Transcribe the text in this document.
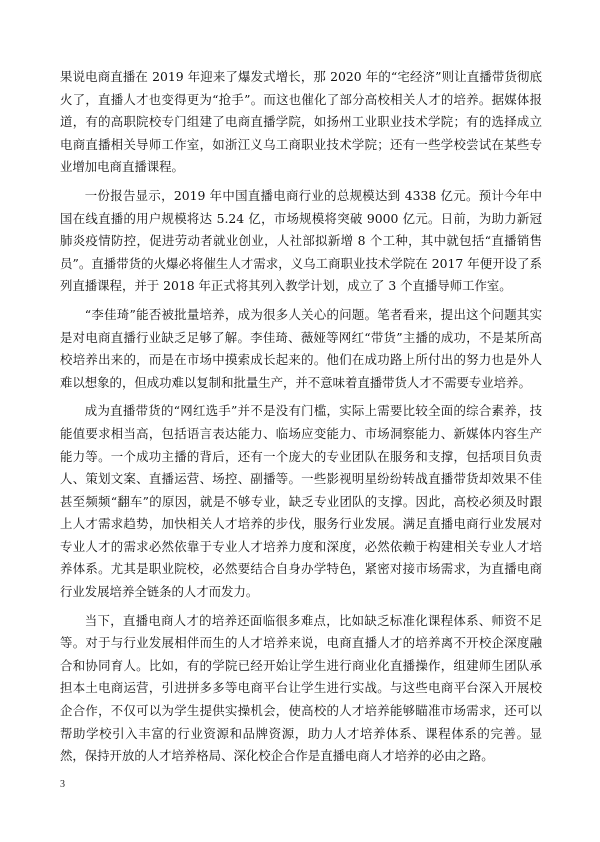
果说电商直播在 2019 年迎来了爆发式增长，那 2020 年的“宅经济”则让直播带货彻底火了，直播人才也变得更为“抢手”。而这也催化了部分高校相关人才的培养。据媒体报道，有的高职院校专门组建了电商直播学院，如扬州工业职业技术学院；有的选择成立电商直播相关导师工作室，如浙江义乌工商职业技术学院；还有一些学校尝试在某些专业增加电商直播课程。

一份报告显示，2019 年中国直播电商行业的总规模达到 4338 亿元。预计今年中国在线直播的用户规模将达 5.24 亿，市场规模将突破 9000 亿元。日前，为助力新冠肺炎疫情防控，促进劳动者就业创业，人社部拟新增 8 个工种，其中就包括“直播销售员”。直播带货的火爆必将催生人才需求，义乌工商职业技术学院在 2017 年便开设了系列直播课程，并于 2018 年正式将其列入教学计划，成立了 3 个直播导师工作室。

“李佳琦”能否被批量培养，成为很多人关心的问题。笔者看来，提出这个问题其实是对电商直播行业缺乏足够了解。李佳琦、薇娅等网红“带货”主播的成功，不是某所高校培养出来的，而是在市场中摸索成长起来的。他们在成功路上所付出的努力也是外人难以想象的，但成功难以复制和批量生产，并不意味着直播带货人才不需要专业培养。

成为直播带货的“网红选手”并不是没有门槛，实际上需要比较全面的综合素养，技能值要求相当高，包括语言表达能力、临场应变能力、市场洞察能力、新媒体内容生产能力等。一个成功主播的背后，还有一个庞大的专业团队在服务和支撑，包括项目负责人、策划文案、直播运营、场控、副播等。一些影视明星纷纷转战直播带货却效果不佳甚至频频“翻车”的原因，就是不够专业，缺乏专业团队的支撑。因此，高校必须及时跟上人才需求趋势，加快相关人才培养的步伐，服务行业发展。满足直播电商行业发展对专业人才的需求必然依靠于专业人才培养力度和深度，必然依赖于构建相关专业人才培养体系。尤其是职业院校，必然要结合自身办学特色，紧密对接市场需求，为直播电商行业发展培养全链条的人才而发力。

当下，直播电商人才的培养还面临很多难点，比如缺乏标准化课程体系、师资不足等。对于与行业发展相伴而生的人才培养来说，电商直播人才的培养离不开校企深度融合和协同育人。比如，有的学院已经开始让学生进行商业化直播操作，组建师生团队承担本土电商运营，引进拼多多等电商平台让学生进行实战。与这些电商平台深入开展校企合作，不仅可以为学生提供实操机会，使高校的人才培养能够瞄准市场需求，还可以帮助学校引入丰富的行业资源和品牌资源，助力人才培养体系、课程体系的完善。显然，保持开放的人才培养格局、深化校企合作是直播电商人才培养的必由之路。

3
